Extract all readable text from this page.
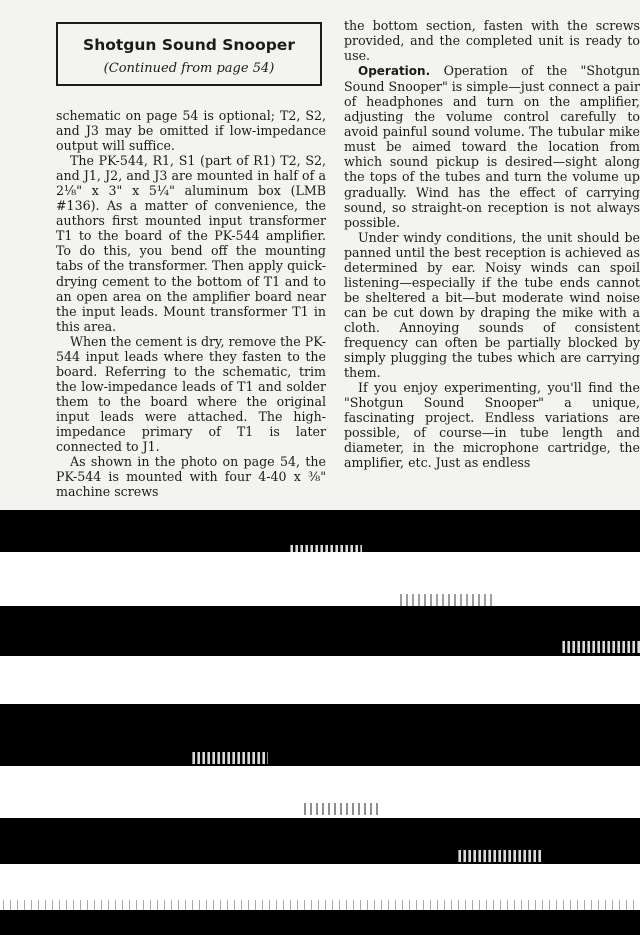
Shotgun Sound Snooper
(Continued from page 54)

schematic on page 54 is optional; T2, S2, and J3 may be omitted if low-impedance output will suffice.

The PK-544, R1, S1 (part of R1) T2, S2, and J1, J2, and J3 are mounted in half of a 2⅛" x 3" x 5¼" aluminum box (LMB #136). As a matter of convenience, the authors first mounted input transformer T1 to the board of the PK-544 amplifier. To do this, you bend off the mounting tabs of the transformer. Then apply quick-drying cement to the bottom of T1 and to an open area on the amplifier board near the input leads. Mount transformer T1 in this area.

When the cement is dry, remove the PK-544 input leads where they fasten to the board. Referring to the schematic, trim the low-impedance leads of T1 and solder them to the board where the original input leads were attached. The high-impedance primary of T1 is later connected to J1.

As shown in the photo on page 54, the PK-544 is mounted with four 4-40 x ⅜" machine screws

the bottom section, fasten with the screws provided, and the completed unit is ready to use.

Operation. Operation of the "Shotgun Sound Snooper" is simple—just connect a pair of headphones and turn on the amplifier, adjusting the volume control carefully to avoid painful sound volume. The tubular mike must be aimed toward the location from which sound pickup is desired—sight along the tops of the tubes and turn the volume up gradually. Wind has the effect of carrying sound, so straight-on reception is not always possible.

Under windy conditions, the unit should be panned until the best reception is achieved as determined by ear. Noisy winds can spoil listening—especially if the tube ends cannot be sheltered a bit—but moderate wind noise can be cut down by draping the mike with a cloth. Annoying sounds of consistent frequency can often be partially blocked by simply plugging the tubes which are carrying them.

If you enjoy experimenting, you'll find the "Shotgun Sound Snooper" a unique, fascinating project. Endless variations are possible, of course—in tube length and diameter, in the microphone cartridge, the amplifier, etc. Just as endless
